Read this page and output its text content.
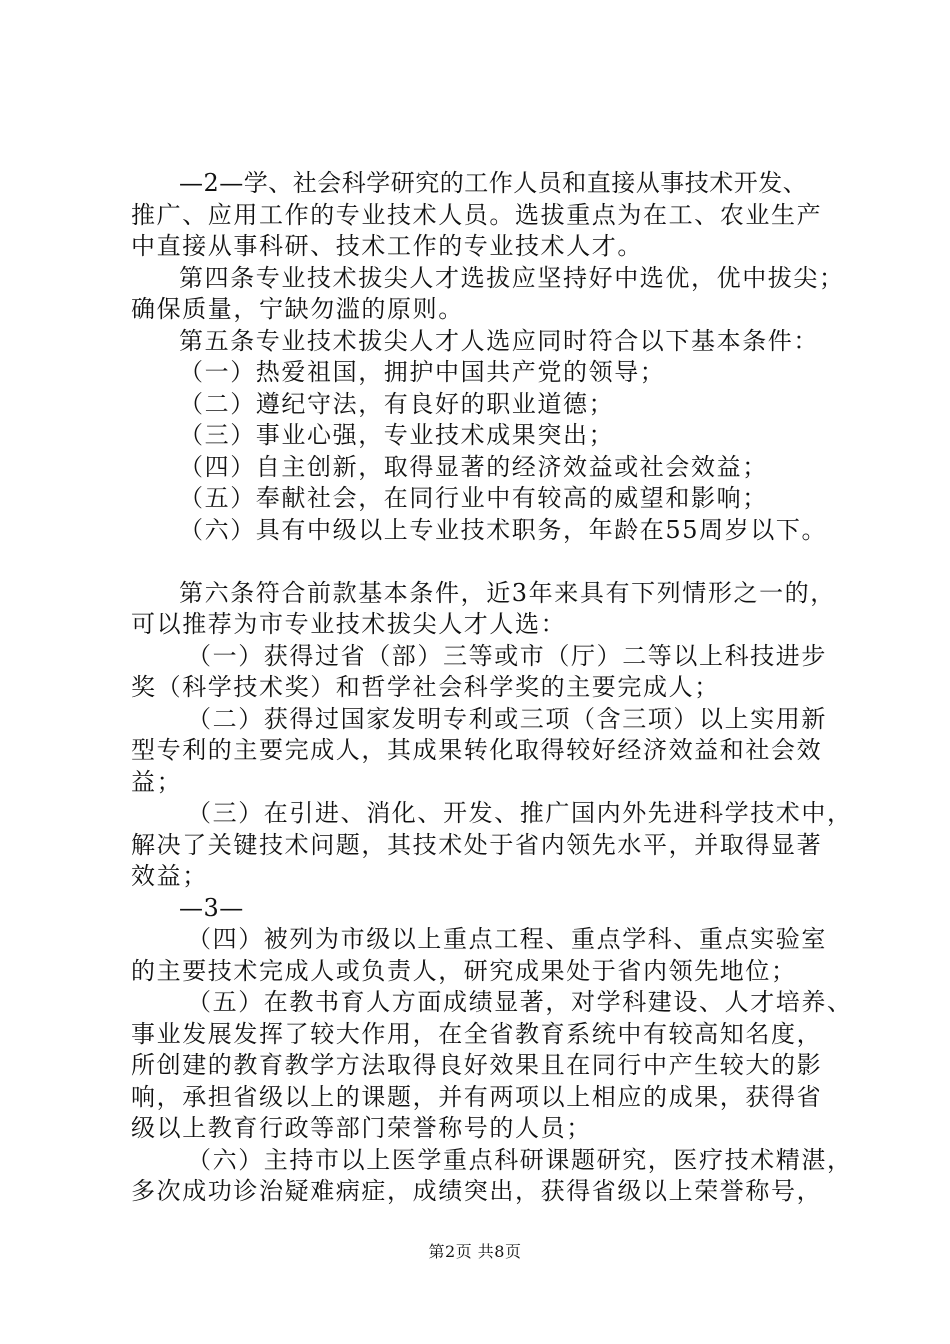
—2—学、社会科学研究的工作人员和直接从事技术开发、
推广、应用工作的专业技术人员。选拔重点为在工、农业生产
中直接从事科研、技术工作的专业技术人才。
第四条专业技术拔尖人才选拔应坚持好中选优，优中拔尖；
确保质量，宁缺勿滥的原则。
第五条专业技术拔尖人才人选应同时符合以下基本条件：
（一）热爱祖国，拥护中国共产党的领导；
（二）遵纪守法，有良好的职业道德；
（三）事业心强，专业技术成果突出；
（四）自主创新，取得显著的经济效益或社会效益；
（五）奉献社会，在同行业中有较高的威望和影响；
（六）具有中级以上专业技术职务，年龄在55周岁以下。
第六条符合前款基本条件，近3年来具有下列情形之一的，
可以推荐为市专业技术拔尖人才人选：
（一）获得过省（部）三等或市（厅）二等以上科技进步
奖（科学技术奖）和哲学社会科学奖的主要完成人；
（二）获得过国家发明专利或三项（含三项）以上实用新
型专利的主要完成人，其成果转化取得较好经济效益和社会效
益；
（三）在引进、消化、开发、推广国内外先进科学技术中，
解决了关键技术问题，其技术处于省内领先水平，并取得显著
效益；
—3—
（四）被列为市级以上重点工程、重点学科、重点实验室
的主要技术完成人或负责人，研究成果处于省内领先地位；
（五）在教书育人方面成绩显著，对学科建设、人才培养、
事业发展发挥了较大作用，在全省教育系统中有较高知名度，
所创建的教育教学方法取得良好效果且在同行中产生较大的影
响，承担省级以上的课题，并有两项以上相应的成果，获得省
级以上教育行政等部门荣誉称号的人员；
（六）主持市以上医学重点科研课题研究，医疗技术精湛，
多次成功诊治疑难病症，成绩突出，获得省级以上荣誉称号，
第2页 共8页
